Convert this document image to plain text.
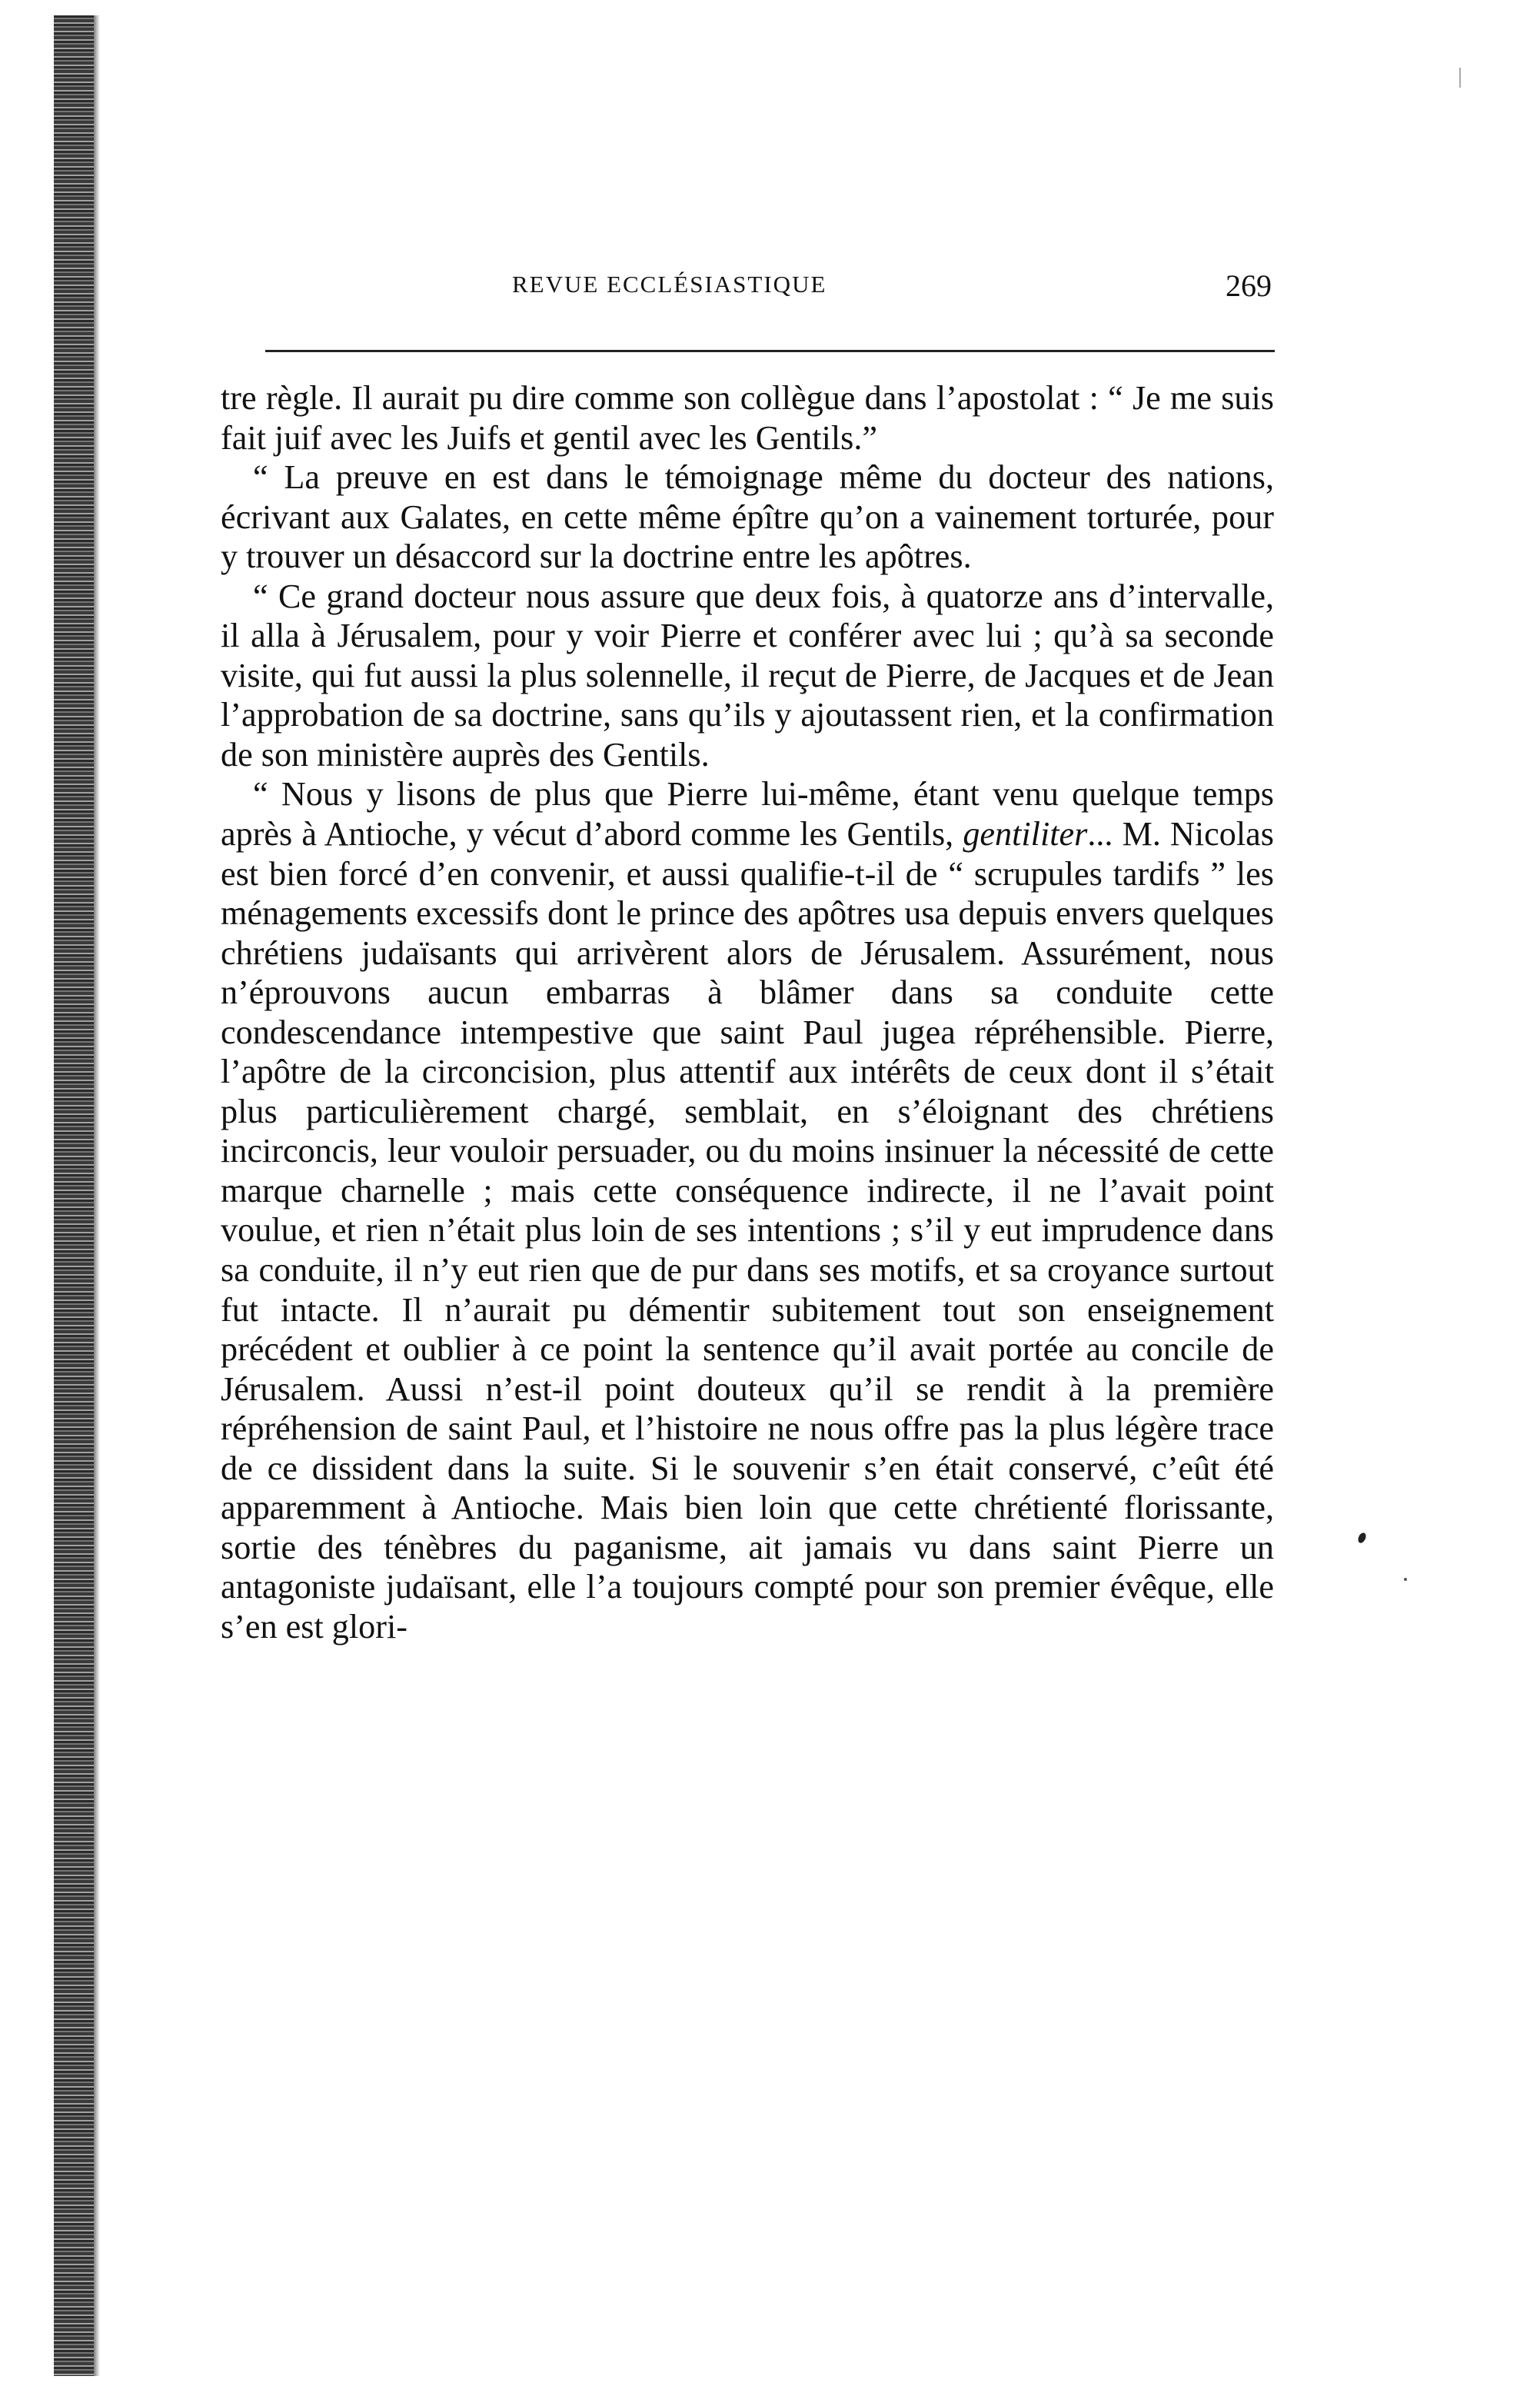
REVUE ECCLÉSIASTIQUE	269

tre règle. Il aurait pu dire comme son collègue dans l’apostolat : “ Je me suis fait juif avec les Juifs et gentil avec les Gentils.”

“ La preuve en est dans le témoignage même du docteur des nations, écrivant aux Galates, en cette même épître qu’on a vainement torturée, pour y trouver un désaccord sur la doctrine entre les apôtres.

“ Ce grand docteur nous assure que deux fois, à quatorze ans d’intervalle, il alla à Jérusalem, pour y voir Pierre et conférer avec lui ; qu’à sa seconde visite, qui fut aussi la plus solennelle, il reçut de Pierre, de Jacques et de Jean l’approbation de sa doctrine, sans qu’ils y ajoutassent rien, et la confirmation de son ministère auprès des Gentils.

“ Nous y lisons de plus que Pierre lui-même, étant venu quelque temps après à Antioche, y vécut d’abord comme les Gentils, gentiliter... M. Nicolas est bien forcé d’en convenir, et aussi qualifie-t-il de “ scrupules tardifs ” les ménagements excessifs dont le prince des apôtres usa depuis envers quelques chrétiens judaïsants qui arrivèrent alors de Jérusalem. Assurément, nous n’éprouvons aucun embarras à blâmer dans sa conduite cette condescendance intempestive que saint Paul jugea répréhensible. Pierre, l’apôtre de la circoncision, plus attentif aux intérêts de ceux dont il s’était plus particulièrement chargé, semblait, en s’éloignant des chrétiens incirconcis, leur vouloir persuader, ou du moins insinuer la nécessité de cette marque charnelle ; mais cette conséquence indirecte, il ne l’avait point voulue, et rien n’était plus loin de ses intentions ; s’il y eut imprudence dans sa conduite, il n’y eut rien que de pur dans ses motifs, et sa croyance surtout fut intacte. Il n’aurait pu démentir subitement tout son enseignement précédent et oublier à ce point la sentence qu’il avait portée au concile de Jérusalem. Aussi n’est-il point douteux qu’il se rendit à la première répréhension de saint Paul, et l’histoire ne nous offre pas la plus légère trace de ce dissident dans la suite. Si le souvenir s’en était conservé, c’eût été apparemment à Antioche. Mais bien loin que cette chrétienté florissante, sortie des ténèbres du paganisme, ait jamais vu dans saint Pierre un antagoniste judaïsant, elle l’a toujours compté pour son premier évêque, elle s’en est glori-
